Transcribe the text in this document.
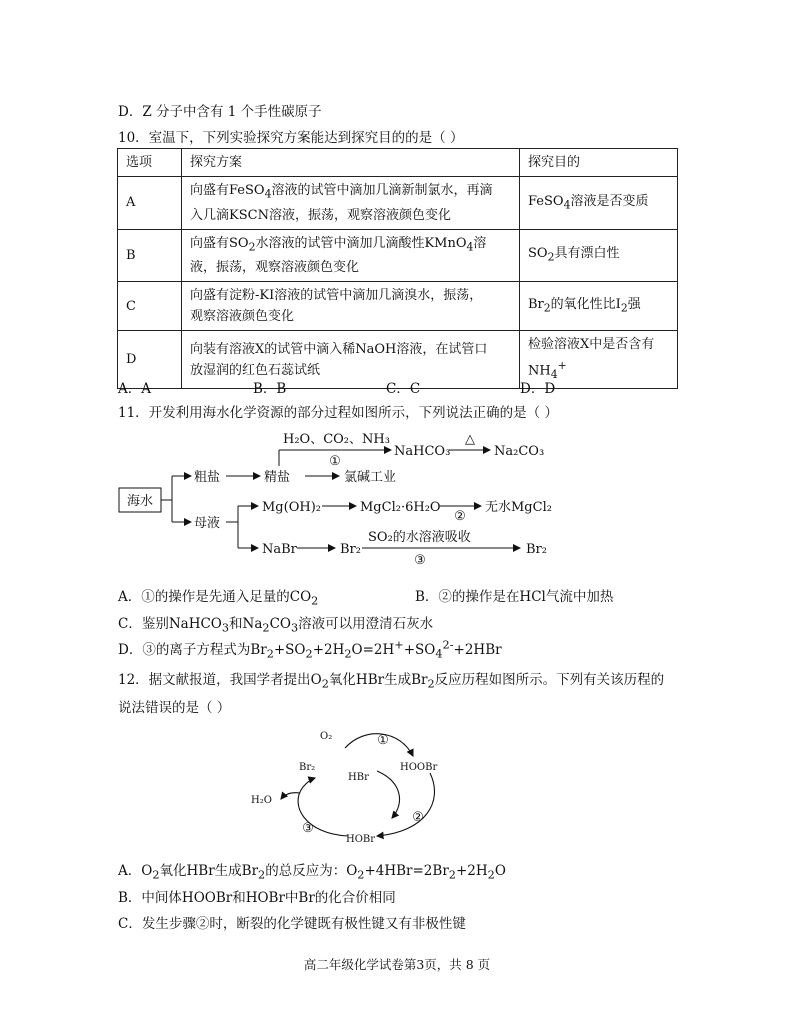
D．Z 分子中含有 1 个手性碳原子
10．室温下，下列实验探究方案能达到探究目的的是（ ）
选项	探究方案	探究目的
A	向盛有FeSO$_4$溶液的试管中滴加几滴新制氯水，再滴
入几滴KSCN溶液，振荡，观察溶液颜色变化	FeSO$_4$溶液是否变质
B	向盛有$SO_2$水溶液的试管中滴加几滴酸性KMnO$_4$溶
液，振荡，观察溶液颜色变化	$SO_2$具有漂白性
C	向盛有淀粉-KI溶液的试管中滴加几滴溴水，振荡，
观察溶液颜色变化	$Br_2$的氧化性比$I_2$强
D	向装有溶液X的试管中滴入稀NaOH溶液，在试管口
放湿润的红色石蕊试纸	检验溶液X中是否含有
$NH_4^+$
A．A	B．B	C．C	D．D
11．开发利用海水化学资源的部分过程如图所示，下列说法正确的是（ ）
海水
粗盐	精盐	氯碱工业
H₂O、CO₂、NH₃
①
NaHCO₃
△
Na₂CO₃
母液
Mg(OH)₂	MgCl₂·6H₂O
②
无水MgCl₂
NaBr	Br₂
SO₂的水溶液吸收
③
Br₂
A．①的操作是先通入足量的$CO_2$	B．②的操作是在HCl气流中加热
C．鉴别NaHCO$_3$和$Na_2CO_3$溶液可以用澄清石灰水
D．③的离子方程式为$Br_2+SO_2+2H_2O=2H^++SO_4^{2-}+2HBr$
12．据文献报道，我国学者提出$O_2$氧化HBr生成$Br_2$反应历程如图所示。下列有关该历程的
说法错误的是（ ）
O₂
HOOBr
HBr
Br₂
H₂O
HOBr
①
②
③
A．$O_2$氧化HBr生成$Br_2$的总反应为：$O_2+4HBr=2Br_2+2H_2O$
B．中间体HOOBr和HOBr中Br的化合价相同
C．发生步骤②时，断裂的化学键既有极性键又有非极性键
高二年级化学试卷第3页，共 8 页
